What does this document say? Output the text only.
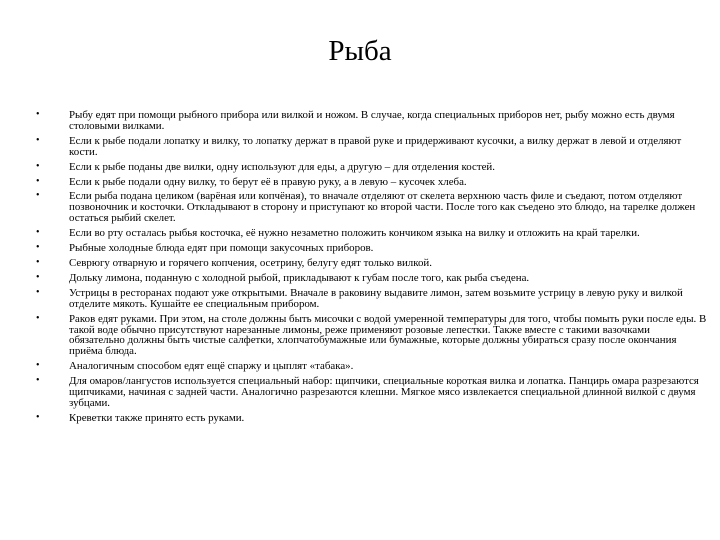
Рыба
• Рыбу едят при помощи рыбного прибора или вилкой и ножом. В случае, когда специальных приборов нет, рыбу можно есть двумя столовыми вилками.
• Если к рыбе подали лопатку и вилку, то лопатку держат в правой руке и придерживают кусочки, а вилку держат в левой и отделяют кости.
• Если к рыбе поданы две вилки, одну используют для еды, а другую – для отделения костей.
• Если к рыбе подали одну вилку, то берут её в правую руку, а в левую – кусочек хлеба.
• Если рыба подана целиком (варёная или копчёная), то вначале отделяют от скелета верхнюю часть филе и съедают, потом отделяют позвоночник и косточки. Откладывают в сторону и приступают ко второй части. После того как съедено это блюдо, на тарелке должен остаться рыбий скелет.
• Если во рту осталась рыбья косточка, её нужно незаметно положить кончиком языка на вилку и отложить на край тарелки.
• Рыбные холодные блюда едят при помощи закусочных приборов.
• Севрюгу отварную и горячего копчения, осетрину, белугу едят только вилкой.
• Дольку лимона, поданную с холодной рыбой, прикладывают к губам после того, как рыба съедена.
• Устрицы в ресторанах подают уже открытыми. Вначале в раковину выдавите лимон, затем возьмите устрицу в левую руку и вилкой отделите мякоть. Кушайте ее специальным прибором.
• Раков едят руками. При этом, на столе должны быть мисочки с водой умеренной температуры для того, чтобы помыть руки после еды. В такой воде обычно присутствуют нарезанные лимоны, реже применяют розовые лепестки. Также вместе с такими вазочками обязательно должны быть чистые салфетки, хлопчатобумажные или бумажные, которые должны убираться сразу после окончания приёма блюда.
• Аналогичным способом едят ещё спаржу и цыплят «табака».
• Для омаров/лангустов используется специальный набор: щипчики, специальные короткая вилка и лопатка. Панцирь омара разрезаются щипчиками, начиная с задней части. Аналогично разрезаются клешни. Мягкое мясо извлекается специальной длинной вилкой с двумя зубцами.
• Креветки также принято есть руками.
